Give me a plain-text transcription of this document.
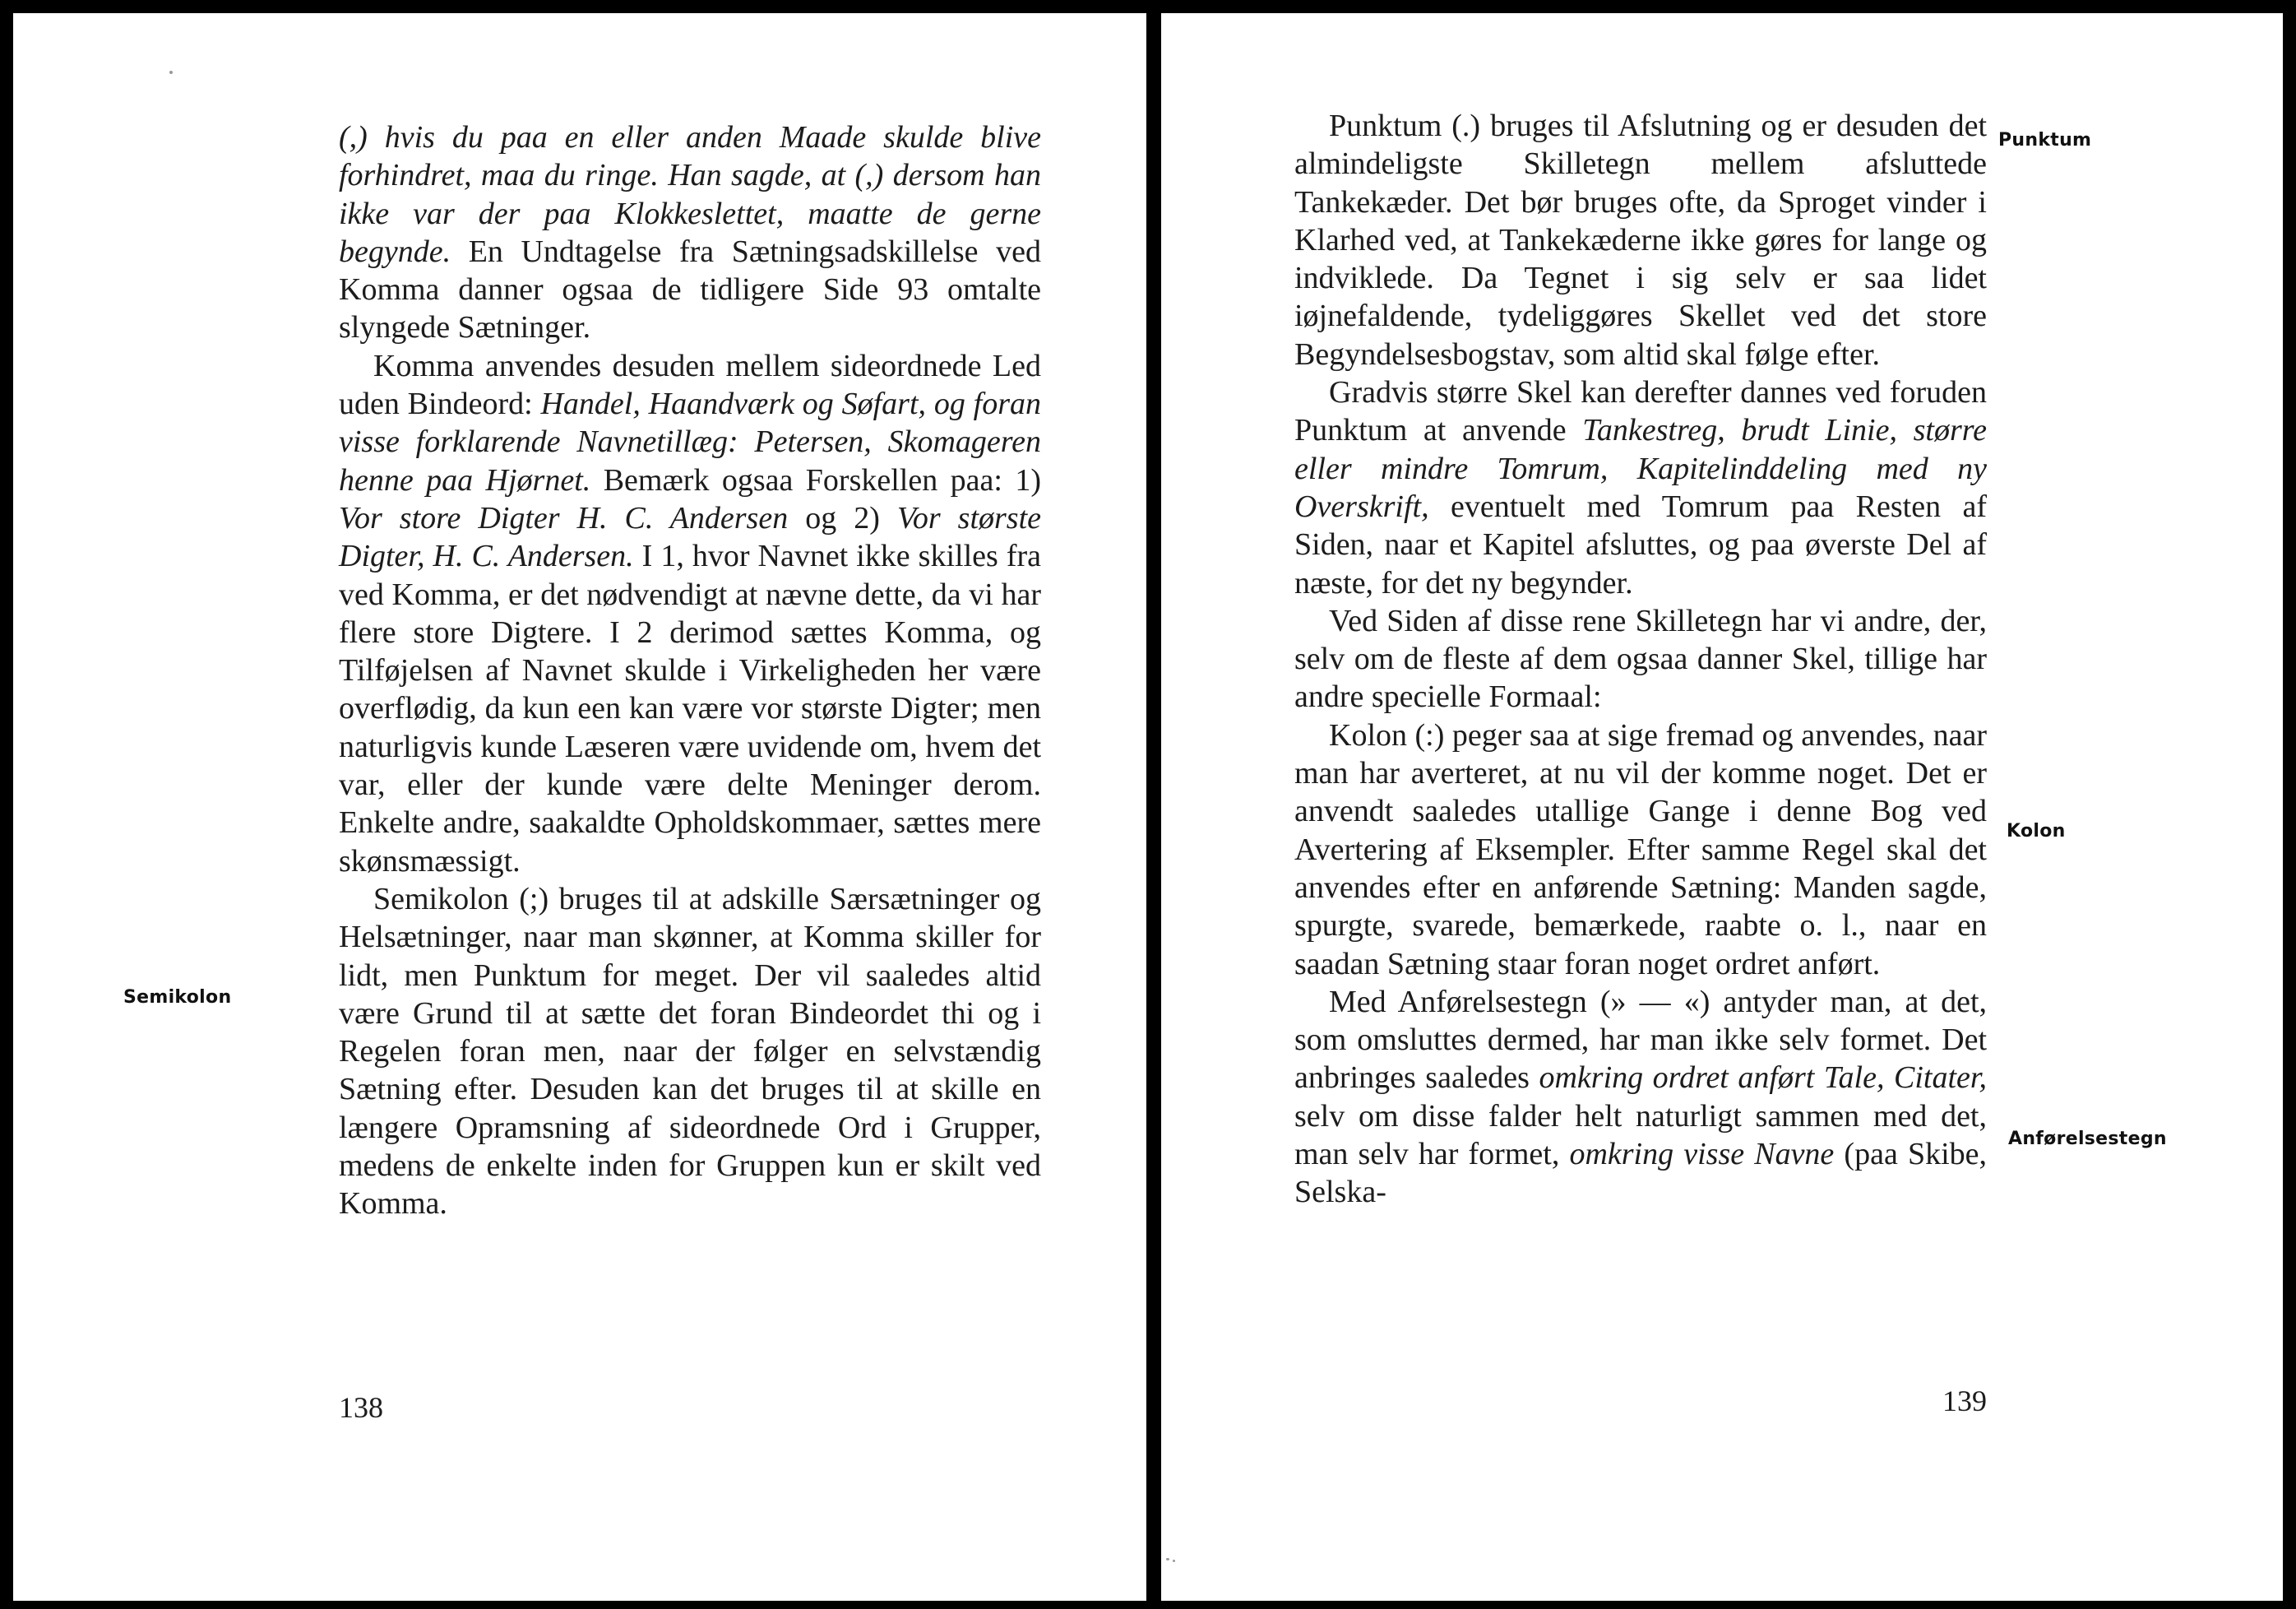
(,) hvis du paa en eller anden Maade skulde blive forhindret, maa du ringe. Han sagde, at (,) dersom han ikke var der paa Klokkeslettet, maatte de gerne begynde. En Undtagelse fra Sætningsadskillelse ved Komma danner ogsaa de tidligere Side 93 omtalte slyngede Sætninger.

Komma anvendes desuden mellem sideordnede Led uden Bindeord: Handel, Haandværk og Søfart, og foran visse forklarende Navnetillæg: Petersen, Skomageren henne paa Hjørnet. Bemærk ogsaa Forskellen paa: 1) Vor store Digter H. C. Andersen og 2) Vor største Digter, H. C. Andersen. I 1, hvor Navnet ikke skilles fra ved Komma, er det nødvendigt at nævne dette, da vi har flere store Digtere. I 2 derimod sættes Komma, og Tilføjelsen af Navnet skulde i Virkeligheden her være overflødig, da kun een kan være vor største Digter; men naturligvis kunde Læseren være uvidende om, hvem det var, eller der kunde være delte Meninger derom. Enkelte andre, saakaldte Opholdskommaer, sættes mere skønsmæssigt.

Semikolon (;) bruges til at adskille Særsætninger og Helsætninger, naar man skønner, at Komma skiller for lidt, men Punktum for meget. Der vil saaledes altid være Grund til at sætte det foran Bindeordet thi og i Regelen foran men, naar der følger en selvstændig Sætning efter. Desuden kan det bruges til at skille en længere Opramsning af sideordnede Ord i Grupper, medens de enkelte inden for Gruppen kun er skilt ved Komma.

Semikolon
138

Punktum (.) bruges til Afslutning og er desuden det almindeligste Skilletegn mellem afsluttede Tankekæder. Det bør bruges ofte, da Sproget vinder i Klarhed ved, at Tankekæderne ikke gøres for lange og indviklede. Da Tegnet i sig selv er saa lidet iøjnefaldende, tydeliggøres Skellet ved det store Begyndelsesbogstav, som altid skal følge efter.

Gradvis større Skel kan derefter dannes ved foruden Punktum at anvende Tankestreg, brudt Linie, større eller mindre Tomrum, Kapitelinddeling med ny Overskrift, eventuelt med Tomrum paa Resten af Siden, naar et Kapitel afsluttes, og paa øverste Del af næste, for det ny begynder.

Ved Siden af disse rene Skilletegn har vi andre, der, selv om de fleste af dem ogsaa danner Skel, tillige har andre specielle Formaal:

Kolon (:) peger saa at sige fremad og anvendes, naar man har averteret, at nu vil der komme noget. Det er anvendt saaledes utallige Gange i denne Bog ved Avertering af Eksempler. Efter samme Regel skal det anvendes efter en anførende Sætning: Manden sagde, spurgte, svarede, bemærkede, raabte o. l., naar en saadan Sætning staar foran noget ordret anført.

Med Anførelsestegn (» — «) antyder man, at det, som omsluttes dermed, har man ikke selv formet. Det anbringes saaledes omkring ordret anført Tale, Citater, selv om disse falder helt naturligt sammen med det, man selv har formet, omkring visse Navne (paa Skibe, Selska-

Punktum
Kolon
Anførelsestegn
139
